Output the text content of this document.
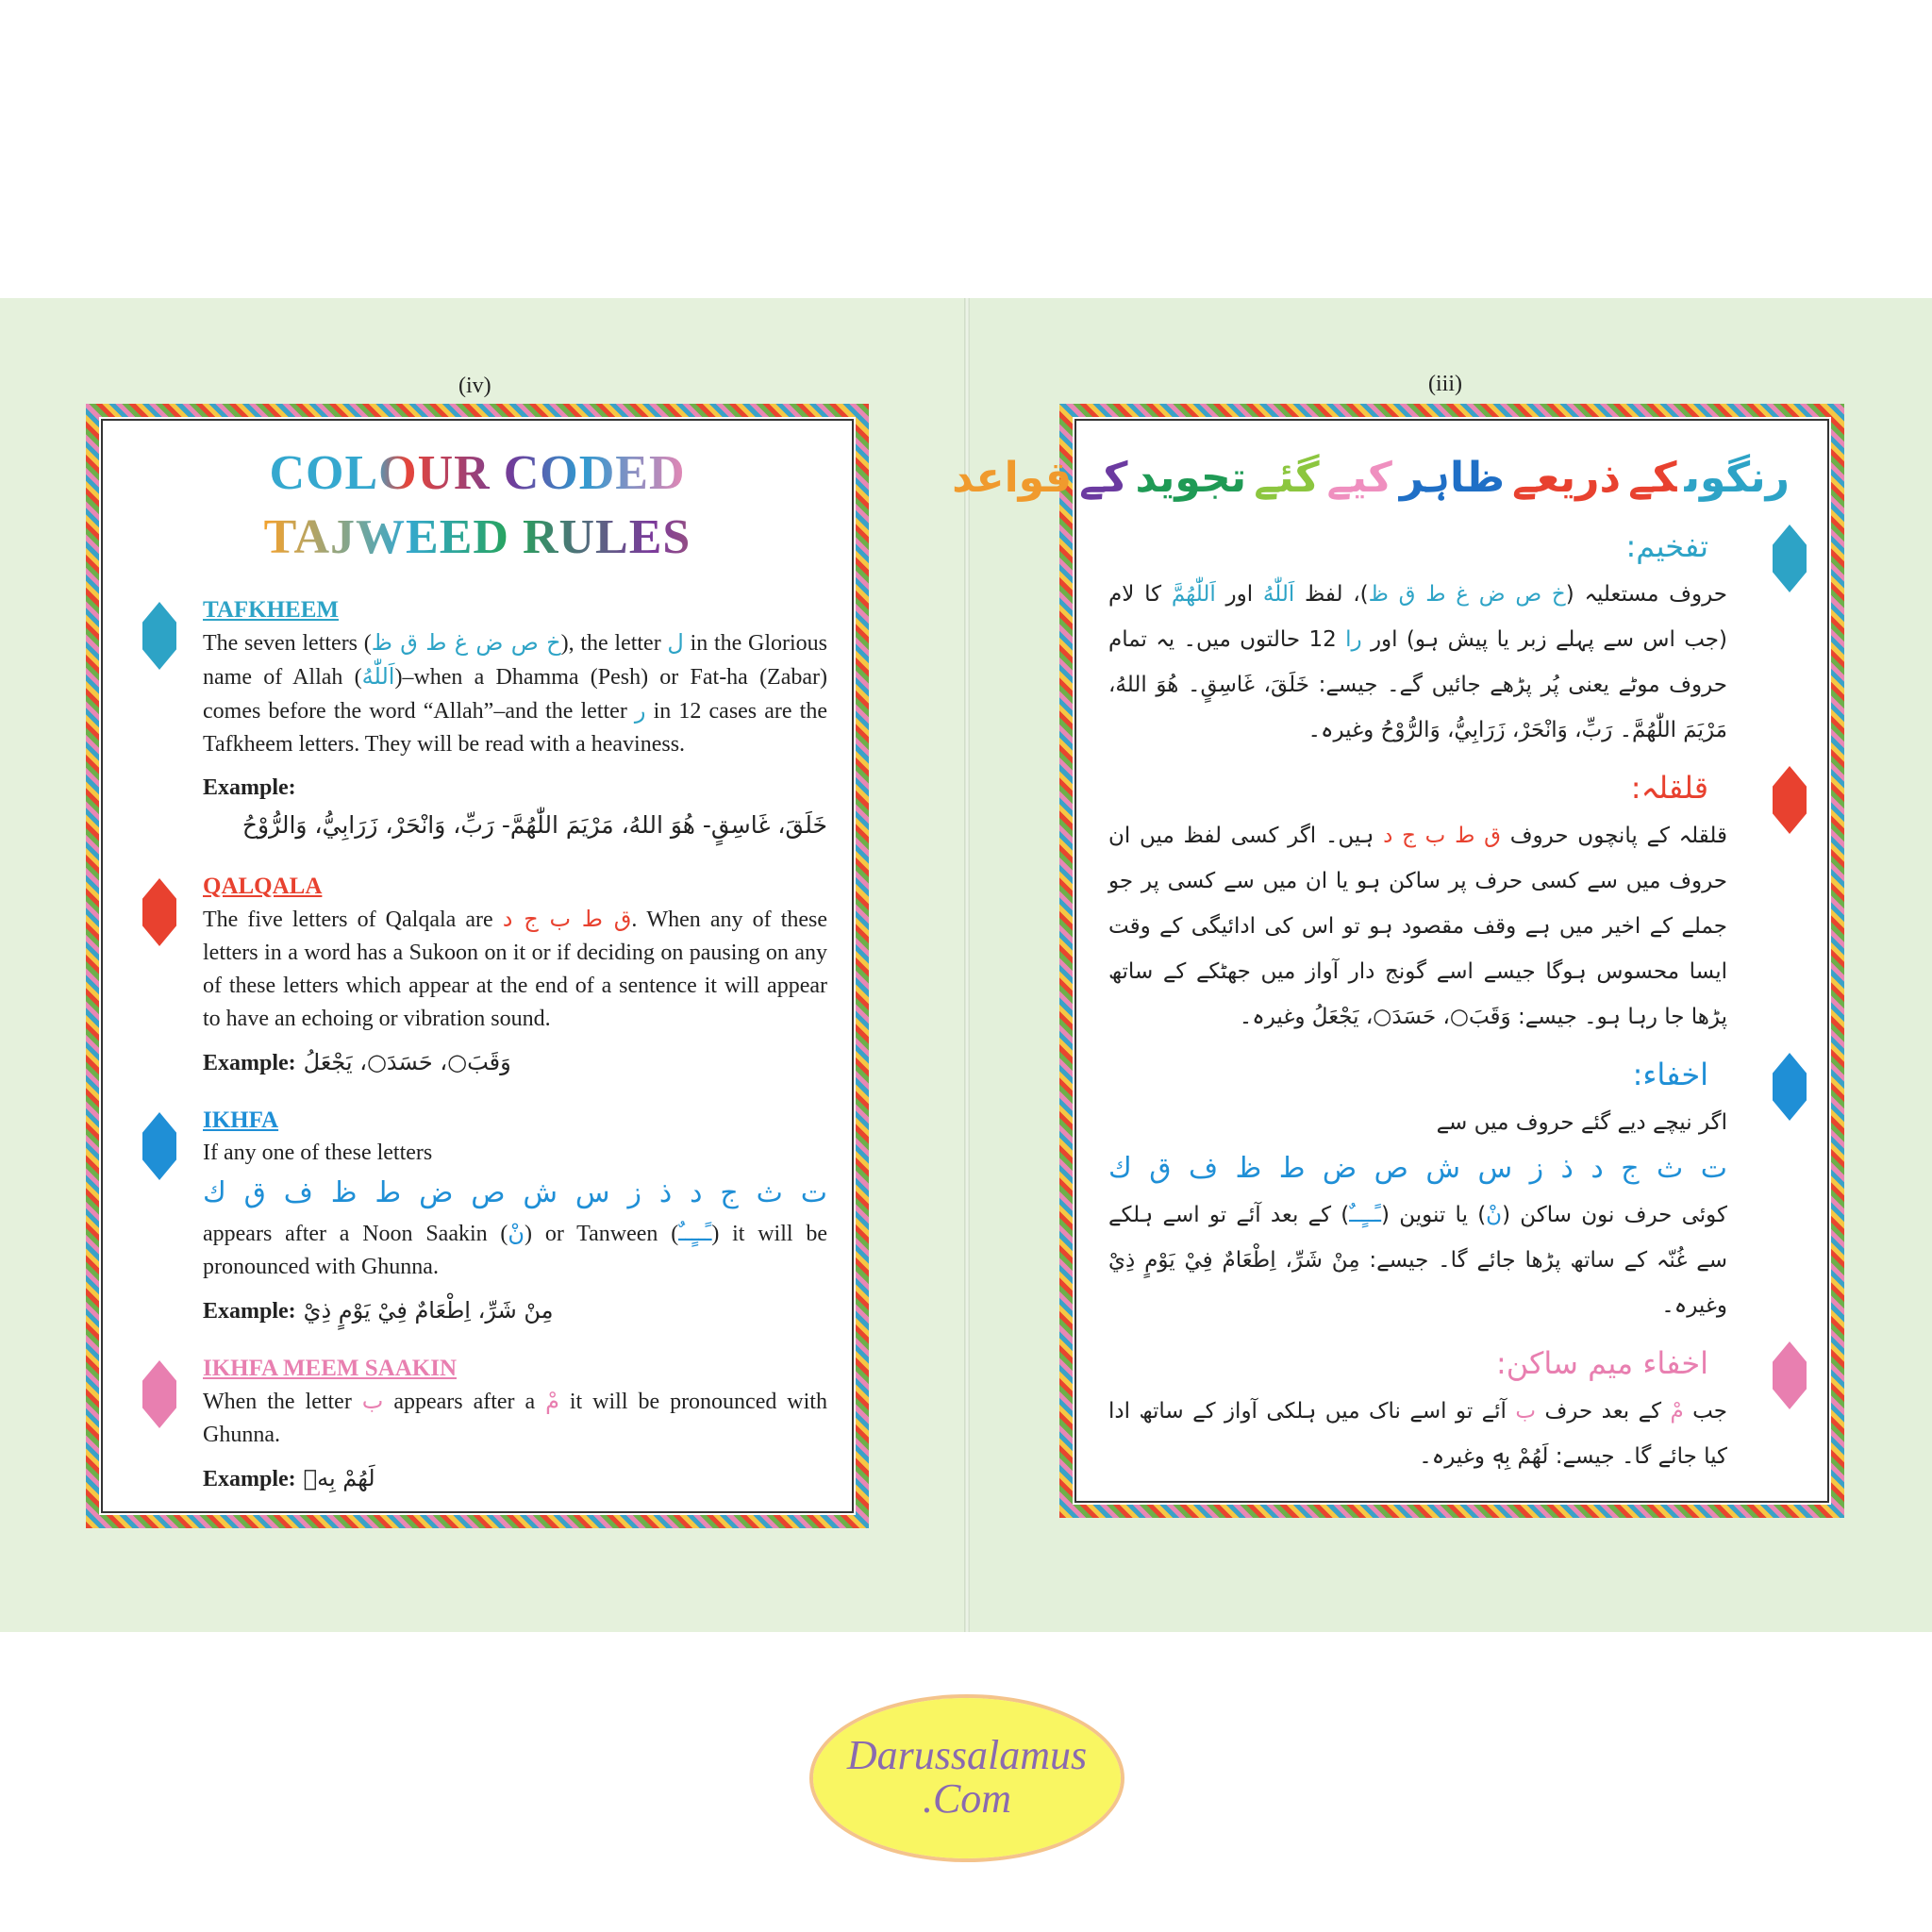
(iv)	(iii)
COLOUR CODED
TAJWEED RULES
TAFKHEEM
The seven letters (خ ص ض غ ط ق ظ), the letter ل in the Glorious name of Allah (اَللّٰهُ)–when a Dhamma (Pesh) or Fat-ha (Zabar) comes before the word “Allah”–and the letter ر in 12 cases are the Tafkheem letters. They will be read with a heaviness.
Example:
خَلَقَ، غَاسِقٍ- هُوَ اللهُ، مَرْيَمَ اللّٰهُمَّ- رَبِّ، وَانْحَرْ، زَرَابِيُّ، وَالرُّوْحُ
QALQALA
The five letters of Qalqala are ق ط ب ج د. When any of these letters in a word has a Sukoon on it or if deciding on pausing on any of these letters which appear at the end of a sentence it will appear to have an echoing or vibration sound.
Example: وَقَبَ○، حَسَدَ○، يَجْعَلُ
IKHFA
If any one of these letters
ت ث ج د ذ ز س ش ص ض ط ظ ف ق ك
appears after a Noon Saakin (نْ) or Tanween (ـًــٍــٌ) it will be pronounced with Ghunna.
Example: مِنْ شَرِّ، اِطْعَامٌ فِيْ يَوْمٍ ذِيْ
IKHFA MEEM SAAKIN
When the letter ب appears after a مْ it will be pronounced with Ghunna.
Example: لَهُمْ بِهٖ
رنگوںکےذریعےظاہرکیےگئےتجویدکےقواعد
تفخیم:
حروف مستعلیہ (خ ص ض غ ط ق ظ)، لفظ اَللّٰهُ اور اَللّٰهُمَّ کا لام (جب اس سے پہلے زبر یا پیش ہو) اور را 12 حالتوں میں۔ یہ تمام حروف موٹے یعنی پُر پڑھے جائیں گے۔ جیسے: خَلَقَ، غَاسِقٍ۔ هُوَ اللهُ، مَرْيَمَ اللّٰهُمَّ۔ رَبِّ، وَانْحَرْ، زَرَابِيُّ، وَالرُّوْحُ وغیرہ۔
قلقلہ:
قلقلہ کے پانچوں حروف ق ط ب ج د ہیں۔ اگر کسی لفظ میں ان حروف میں سے کسی حرف پر ساکن ہو یا ان میں سے کسی پر جو جملے کے اخیر میں ہے وقف مقصود ہو تو اس کی ادائیگی کے وقت ایسا محسوس ہوگا جیسے اسے گونج دار آواز میں جھٹکے کے ساتھ پڑھا جا رہا ہو۔ جیسے: وَقَبَ○، حَسَدَ○، يَجْعَلُ وغیرہ۔
اخفاء:
اگر نیچے دیے گئے حروف میں سے
ت ث ج د ذ ز س ش ص ض ط ظ ف ق ك
کوئی حرف نون ساکن (نْ) یا تنوین (ـًــٍــٌ) کے بعد آئے تو اسے ہلکے سے غُنّہ کے ساتھ پڑھا جائے گا۔ جیسے: مِنْ شَرِّ، اِطْعَامٌ فِيْ يَوْمٍ ذِيْ وغیرہ۔
اخفاء میم ساکن:
جب مْ کے بعد حرف ب آئے تو اسے ناک میں ہلکی آواز کے ساتھ ادا کیا جائے گا۔ جیسے: لَهُمْ بِهٖ وغیرہ۔
Darussalamus
.Com
